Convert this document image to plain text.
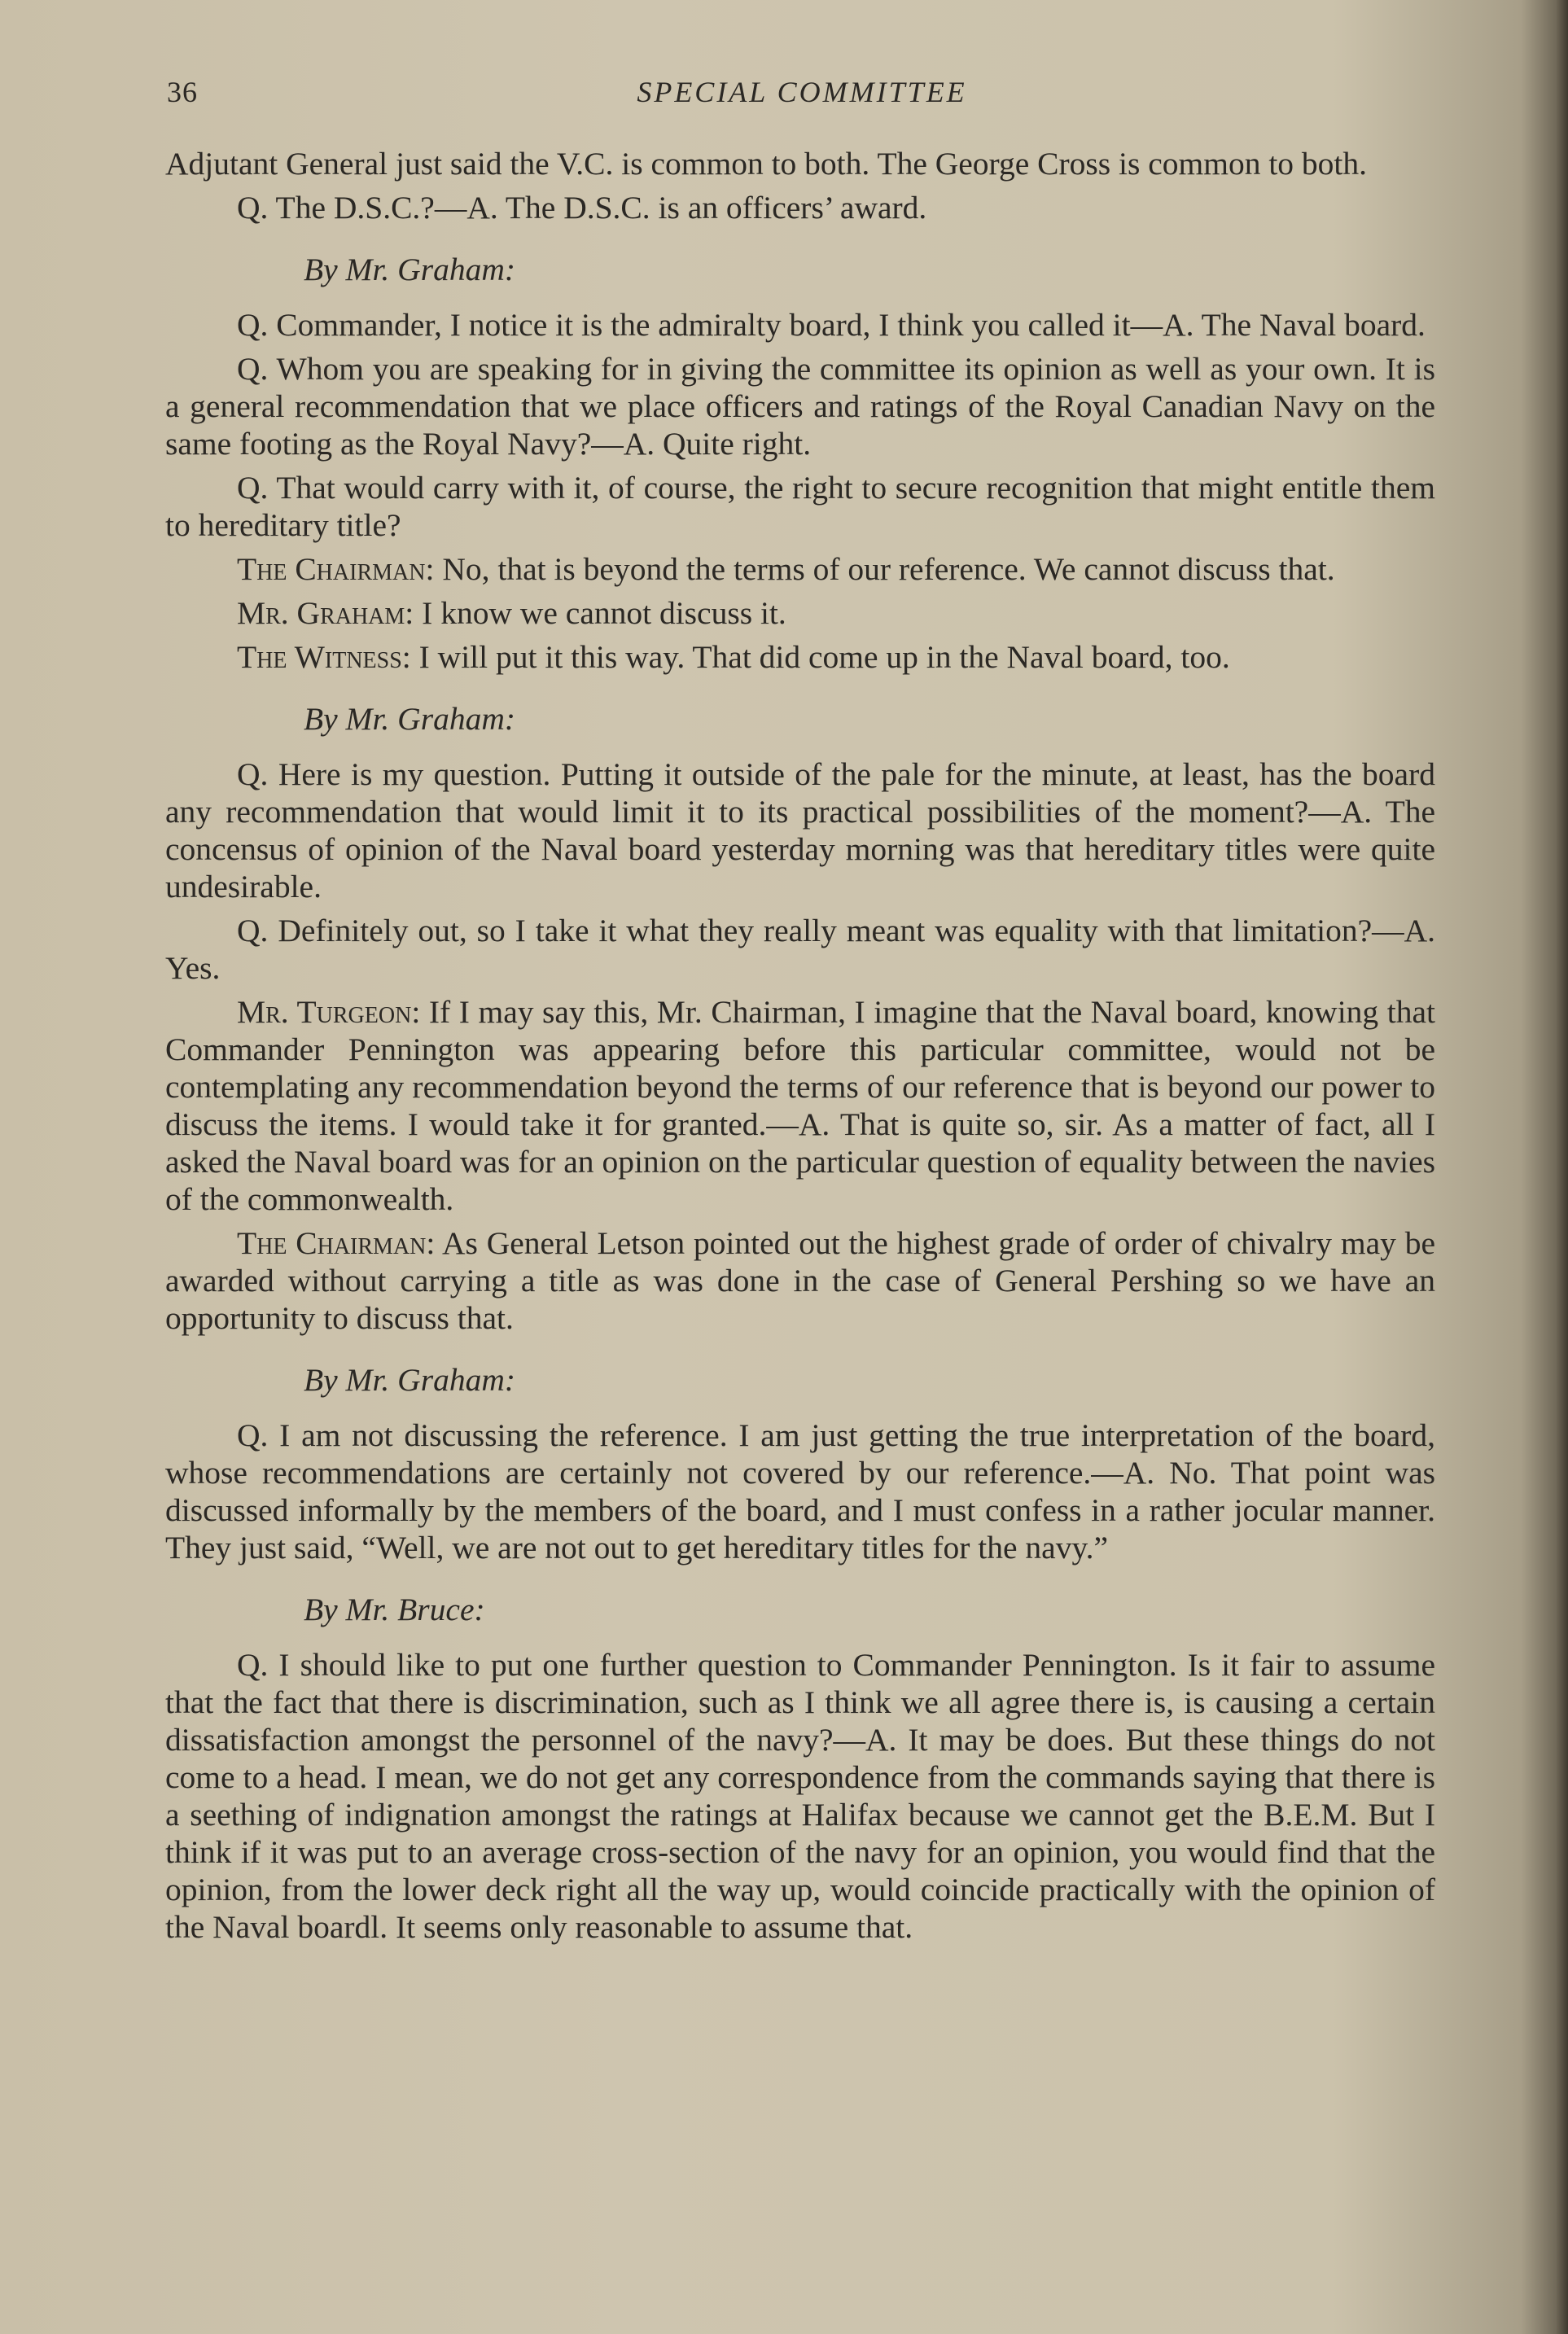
36	SPECIAL COMMITTEE

Adjutant General just said the V.C. is common to both. The George Cross is common to both.

Q. The D.S.C.?—A. The D.S.C. is an officers’ award.

By Mr. Graham:

Q. Commander, I notice it is the admiralty board, I think you called it—A. The Naval board.

Q. Whom you are speaking for in giving the committee its opinion as well as your own. It is a general recommendation that we place officers and ratings of the Royal Canadian Navy on the same footing as the Royal Navy?—A. Quite right.

Q. That would carry with it, of course, the right to secure recognition that might entitle them to hereditary title?

The Chairman: No, that is beyond the terms of our reference. We cannot discuss that.

Mr. Graham: I know we cannot discuss it.

The Witness: I will put it this way. That did come up in the Naval board, too.

By Mr. Graham:

Q. Here is my question. Putting it outside of the pale for the minute, at least, has the board any recommendation that would limit it to its practical possibilities of the moment?—A. The concensus of opinion of the Naval board yesterday morning was that hereditary titles were quite undesirable.

Q. Definitely out, so I take it what they really meant was equality with that limitation?—A. Yes.

Mr. Turgeon: If I may say this, Mr. Chairman, I imagine that the Naval board, knowing that Commander Pennington was appearing before this particular committee, would not be contemplating any recommendation beyond the terms of our reference that is beyond our power to discuss the items. I would take it for granted.—A. That is quite so, sir. As a matter of fact, all I asked the Naval board was for an opinion on the particular question of equality between the navies of the commonwealth.

The Chairman: As General Letson pointed out the highest grade of order of chivalry may be awarded without carrying a title as was done in the case of General Pershing so we have an opportunity to discuss that.

By Mr. Graham:

Q. I am not discussing the reference. I am just getting the true interpretation of the board, whose recommendations are certainly not covered by our reference.—A. No. That point was discussed informally by the members of the board, and I must confess in a rather jocular manner. They just said, “Well, we are not out to get hereditary titles for the navy.”

By Mr. Bruce:

Q. I should like to put one further question to Commander Pennington. Is it fair to assume that the fact that there is discrimination, such as I think we all agree there is, is causing a certain dissatisfaction amongst the personnel of the navy?—A. It may be does. But these things do not come to a head. I mean, we do not get any correspondence from the commands saying that there is a seething of indignation amongst the ratings at Halifax because we cannot get the B.E.M. But I think if it was put to an average cross-section of the navy for an opinion, you would find that the opinion, from the lower deck right all the way up, would coincide practically with the opinion of the Naval boardl. It seems only reasonable to assume that.
